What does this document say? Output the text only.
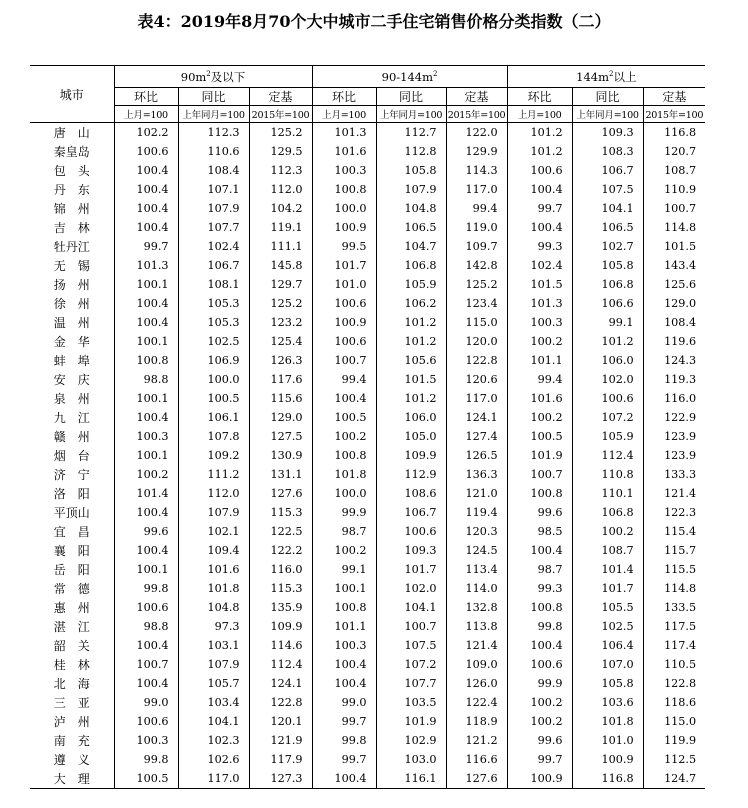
表4：2019年8月70个大中城市二手住宅销售价格分类指数（二）
城市	$90m^2$及以下			$90-144m^2$			$144m^2$以上		
	环比	同比	定基	环比	同比	定基	环比	同比	定基
	上月=100	上年同月=100	2015年=100	上月=100	上年同月=100	2015年=100	上月=100	上年同月=100	2015年=100
唐　山	102.2	112.3	125.2	101.3	112.7	122.0	101.2	109.3	116.8
秦皇岛	100.6	110.6	129.5	101.6	112.8	129.9	101.2	108.3	120.7
包　头	100.4	108.4	112.3	100.3	105.8	114.3	100.6	106.7	108.7
丹　东	100.4	107.1	112.0	100.8	107.9	117.0	100.4	107.5	110.9
锦　州	100.4	107.9	104.2	100.0	104.8	99.4	99.7	104.1	100.7
吉　林	100.4	107.7	119.1	100.9	106.5	119.0	100.4	106.5	114.8
牡丹江	99.7	102.4	111.1	99.5	104.7	109.7	99.3	102.7	101.5
无　锡	101.3	106.7	145.8	101.7	106.8	142.8	102.4	105.8	143.4
扬　州	100.1	108.1	129.7	101.0	105.9	125.2	101.5	106.8	125.6
徐　州	100.4	105.3	125.2	100.6	106.2	123.4	101.3	106.6	129.0
温　州	100.4	105.3	123.2	100.9	101.2	115.0	100.3	99.1	108.4
金　华	100.1	102.5	125.4	100.6	101.2	120.0	100.2	101.2	119.6
蚌　埠	100.8	106.9	126.3	100.7	105.6	122.8	101.1	106.0	124.3
安　庆	98.8	100.0	117.6	99.4	101.5	120.6	99.4	102.0	119.3
泉　州	100.1	100.5	115.6	100.4	101.2	117.0	101.6	100.6	116.0
九　江	100.4	106.1	129.0	100.5	106.0	124.1	100.2	107.2	122.9
赣　州	100.3	107.8	127.5	100.2	105.0	127.4	100.5	105.9	123.9
烟　台	100.1	109.2	130.9	100.8	109.9	126.5	101.9	112.4	123.9
济　宁	100.2	111.2	131.1	101.8	112.9	136.3	100.7	110.8	133.3
洛　阳	101.4	112.0	127.6	100.0	108.6	121.0	100.8	110.1	121.4
平顶山	100.4	107.9	115.3	99.9	106.7	119.4	99.6	106.8	122.3
宜　昌	99.6	102.1	122.5	98.7	100.6	120.3	98.5	100.2	115.4
襄　阳	100.4	109.4	122.2	100.2	109.3	124.5	100.4	108.7	115.7
岳　阳	100.1	101.6	116.0	99.1	101.7	113.4	98.7	101.4	115.5
常　德	99.8	101.8	115.3	100.1	102.0	114.0	99.3	101.7	114.8
惠　州	100.6	104.8	135.9	100.8	104.1	132.8	100.8	105.5	133.5
湛　江	98.8	97.3	109.9	101.1	100.7	113.8	99.8	102.5	117.5
韶　关	100.4	103.1	114.6	100.3	107.5	121.4	100.4	106.4	117.4
桂　林	100.7	107.9	112.4	100.4	107.2	109.0	100.6	107.0	110.5
北　海	100.4	105.7	124.1	100.4	107.7	126.0	99.9	105.8	122.8
三　亚	99.0	103.4	122.8	99.0	103.5	122.4	100.2	103.6	118.6
泸　州	100.6	104.1	120.1	99.7	101.9	118.9	100.2	101.8	115.0
南　充	100.3	102.3	121.9	99.8	102.9	121.2	99.6	101.0	119.9
遵　义	99.8	102.6	117.9	99.7	103.0	116.6	99.7	100.9	112.5
大　理	100.5	117.0	127.3	100.4	116.1	127.6	100.9	116.8	124.7
